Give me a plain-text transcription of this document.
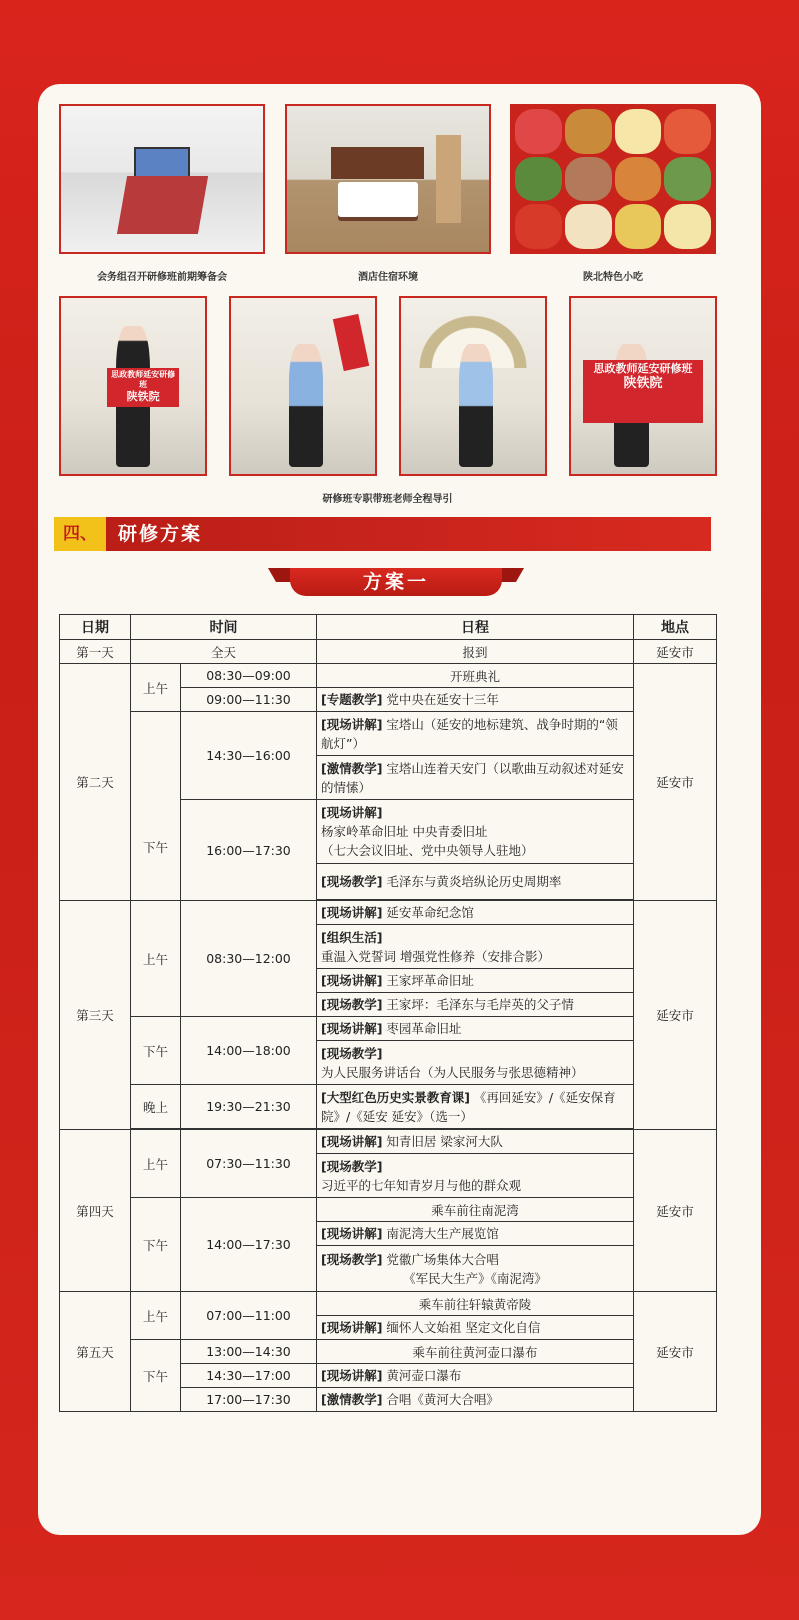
会务组召开研修班前期筹备会	酒店住宿环境	陕北特色小吃
思政教师延安研修班
陕铁院
思政教师延安研修班
陕铁院
研修班专职带班老师全程导引
四、	研修方案
方案一
日期	时间		日程	地点
第一天	全天		报到	延安市
第二天	上午	08:30—09:00	开班典礼	延安市
		09:00—11:30	[专题教学] 党中央在延安十三年	
	下午	14:30—16:00	[现场讲解] 宝塔山（延安的地标建筑、战争时期的“领航灯”）	
			[激情教学] 宝塔山连着天安门（以歌曲互动叙述对延安的情愫）	
		16:00—17:30	[现场讲解]
杨家岭革命旧址 中央青委旧址
（七大会议旧址、党中央领导人驻地）	

			[现场教学] 毛泽东与黄炎培纵论历史周期率	

第三天	上午	08:30—12:00	[现场讲解] 延安革命纪念馆	延安市

			[组织生活]
重温入党誓词 增强党性修养（安排合影）	

			[现场讲解] 王家坪革命旧址	
			[现场教学] 王家坪：毛泽东与毛岸英的父子情	
	下午	14:00—18:00	[现场讲解] 枣园革命旧址	

			[现场教学]
为人民服务讲话台（为人民服务与张思德精神）	

	晚上	19:30—21:30	[大型红色历史实景教育课] 《再回延安》/《延安保育院》/《延安 延安》（选一）	

第四天	上午	07:30—11:30	[现场讲解] 知青旧居 梁家河大队	延安市

			[现场教学]
习近平的七年知青岁月与他的群众观	

	下午	14:00—17:30	乘车前往南泥湾	
			[现场讲解] 南泥湾大生产展览馆	

			[现场教学] 党徽广场集体大合唱
《军民大生产》《南泥湾》	

第五天	上午	07:00—11:00	乘车前往轩辕黄帝陵	延安市
			[现场讲解] 缅怀人文始祖 坚定文化自信	
	下午	13:00—14:30	乘车前往黄河壶口瀑布	
		14:30—17:00	[现场讲解] 黄河壶口瀑布	
		17:00—17:30	[激情教学] 合唱《黄河大合唱》	
